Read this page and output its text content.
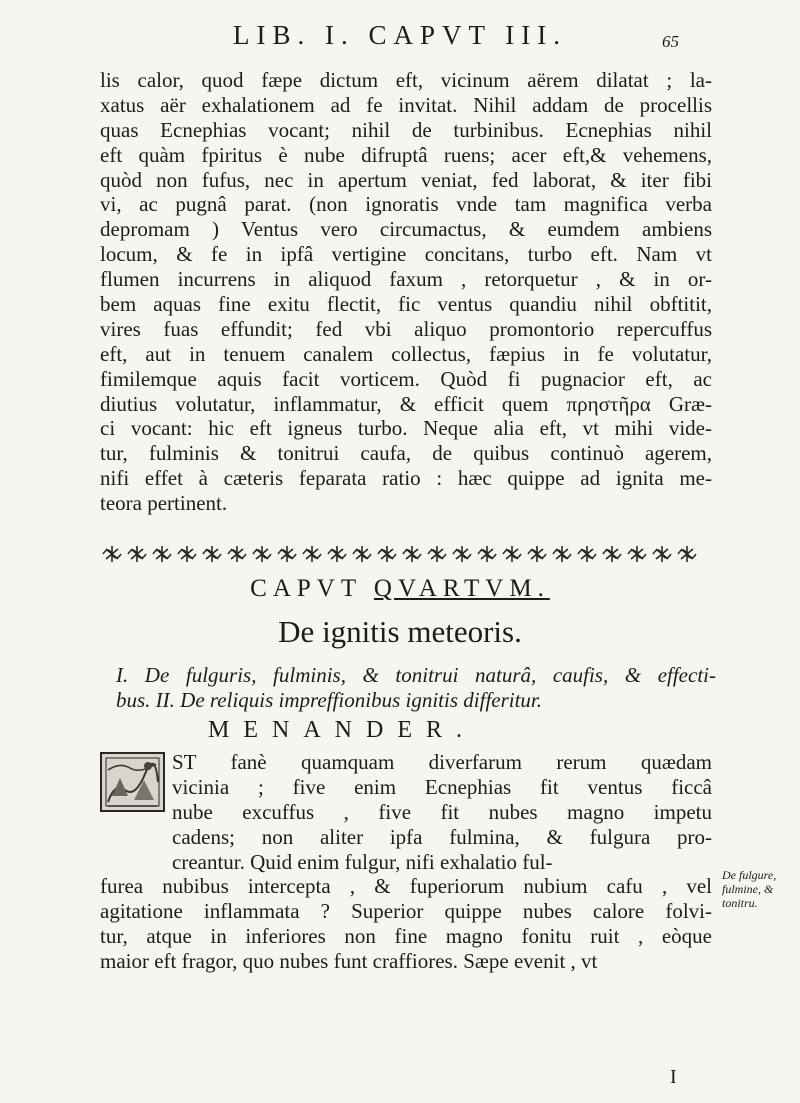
LIB. I. CAPVT III.	65
lis calor, quod fæpe dictum eft, vicinum aërem dilatat ; la-
xatus aër exhalationem ad fe invitat. Nihil addam de procellis
quas Ecnephias vocant; nihil de turbinibus. Ecnephias nihil
eft quàm fpiritus è nube difruptâ ruens; acer eft,& vehemens,
quòd non fufus, nec in apertum veniat, fed laborat, & iter fibi
vi, ac pugnâ parat. (non ignoratis vnde tam magnifica verba
depromam ) Ventus vero circumactus, & eumdem ambiens
locum, & fe in ipfâ vertigine concitans, turbo eft. Nam vt
flumen incurrens in aliquod faxum , retorquetur , & in or-
bem aquas fine exitu flectit, fic ventus quandiu nihil obftitit,
vires fuas effundit; fed vbi aliquo promontorio repercuffus
eft, aut in tenuem canalem collectus, fæpius in fe volutatur,
fimilemque aquis facit vorticem. Quòd fi pugnacior eft, ac
diutius volutatur, inflammatur, & efficit quem πρηστῆρα Græ-
ci vocant: hic eft igneus turbo. Neque alia eft, vt mihi vide-
tur, fulminis & tonitrui caufa, de quibus continuò agerem,
nifi effet à cæteris feparata ratio : hæc quippe ad ignita me-
teora pertinent.
CAPVT QVARTVM.
De ignitis meteoris.
I. De fulguris, fulminis, & tonitrui naturâ, caufis, & effecti-
bus. II. De reliquis impreffionibus ignitis differitur.
MENANDER.
ST fanè quamquam diverfarum rerum quædam
vicinia ; five enim Ecnephias fit ventus ficcâ
nube excuffus , five fit nubes magno impetu
cadens; non aliter ipfa fulmina, & fulgura pro-
creantur. Quid enim fulgur, nifi exhalatio ful-
furea nubibus intercepta , & fuperiorum nubium cafu , vel
agitatione inflammata ? Superior quippe nubes calore folvi-
tur, atque in inferiores non fine magno fonitu ruit , eòque
maior eft fragor, quo nubes funt craffiores. Sæpe evenit , vt
De fulgure,
fulmine, &
tonitru.
I
